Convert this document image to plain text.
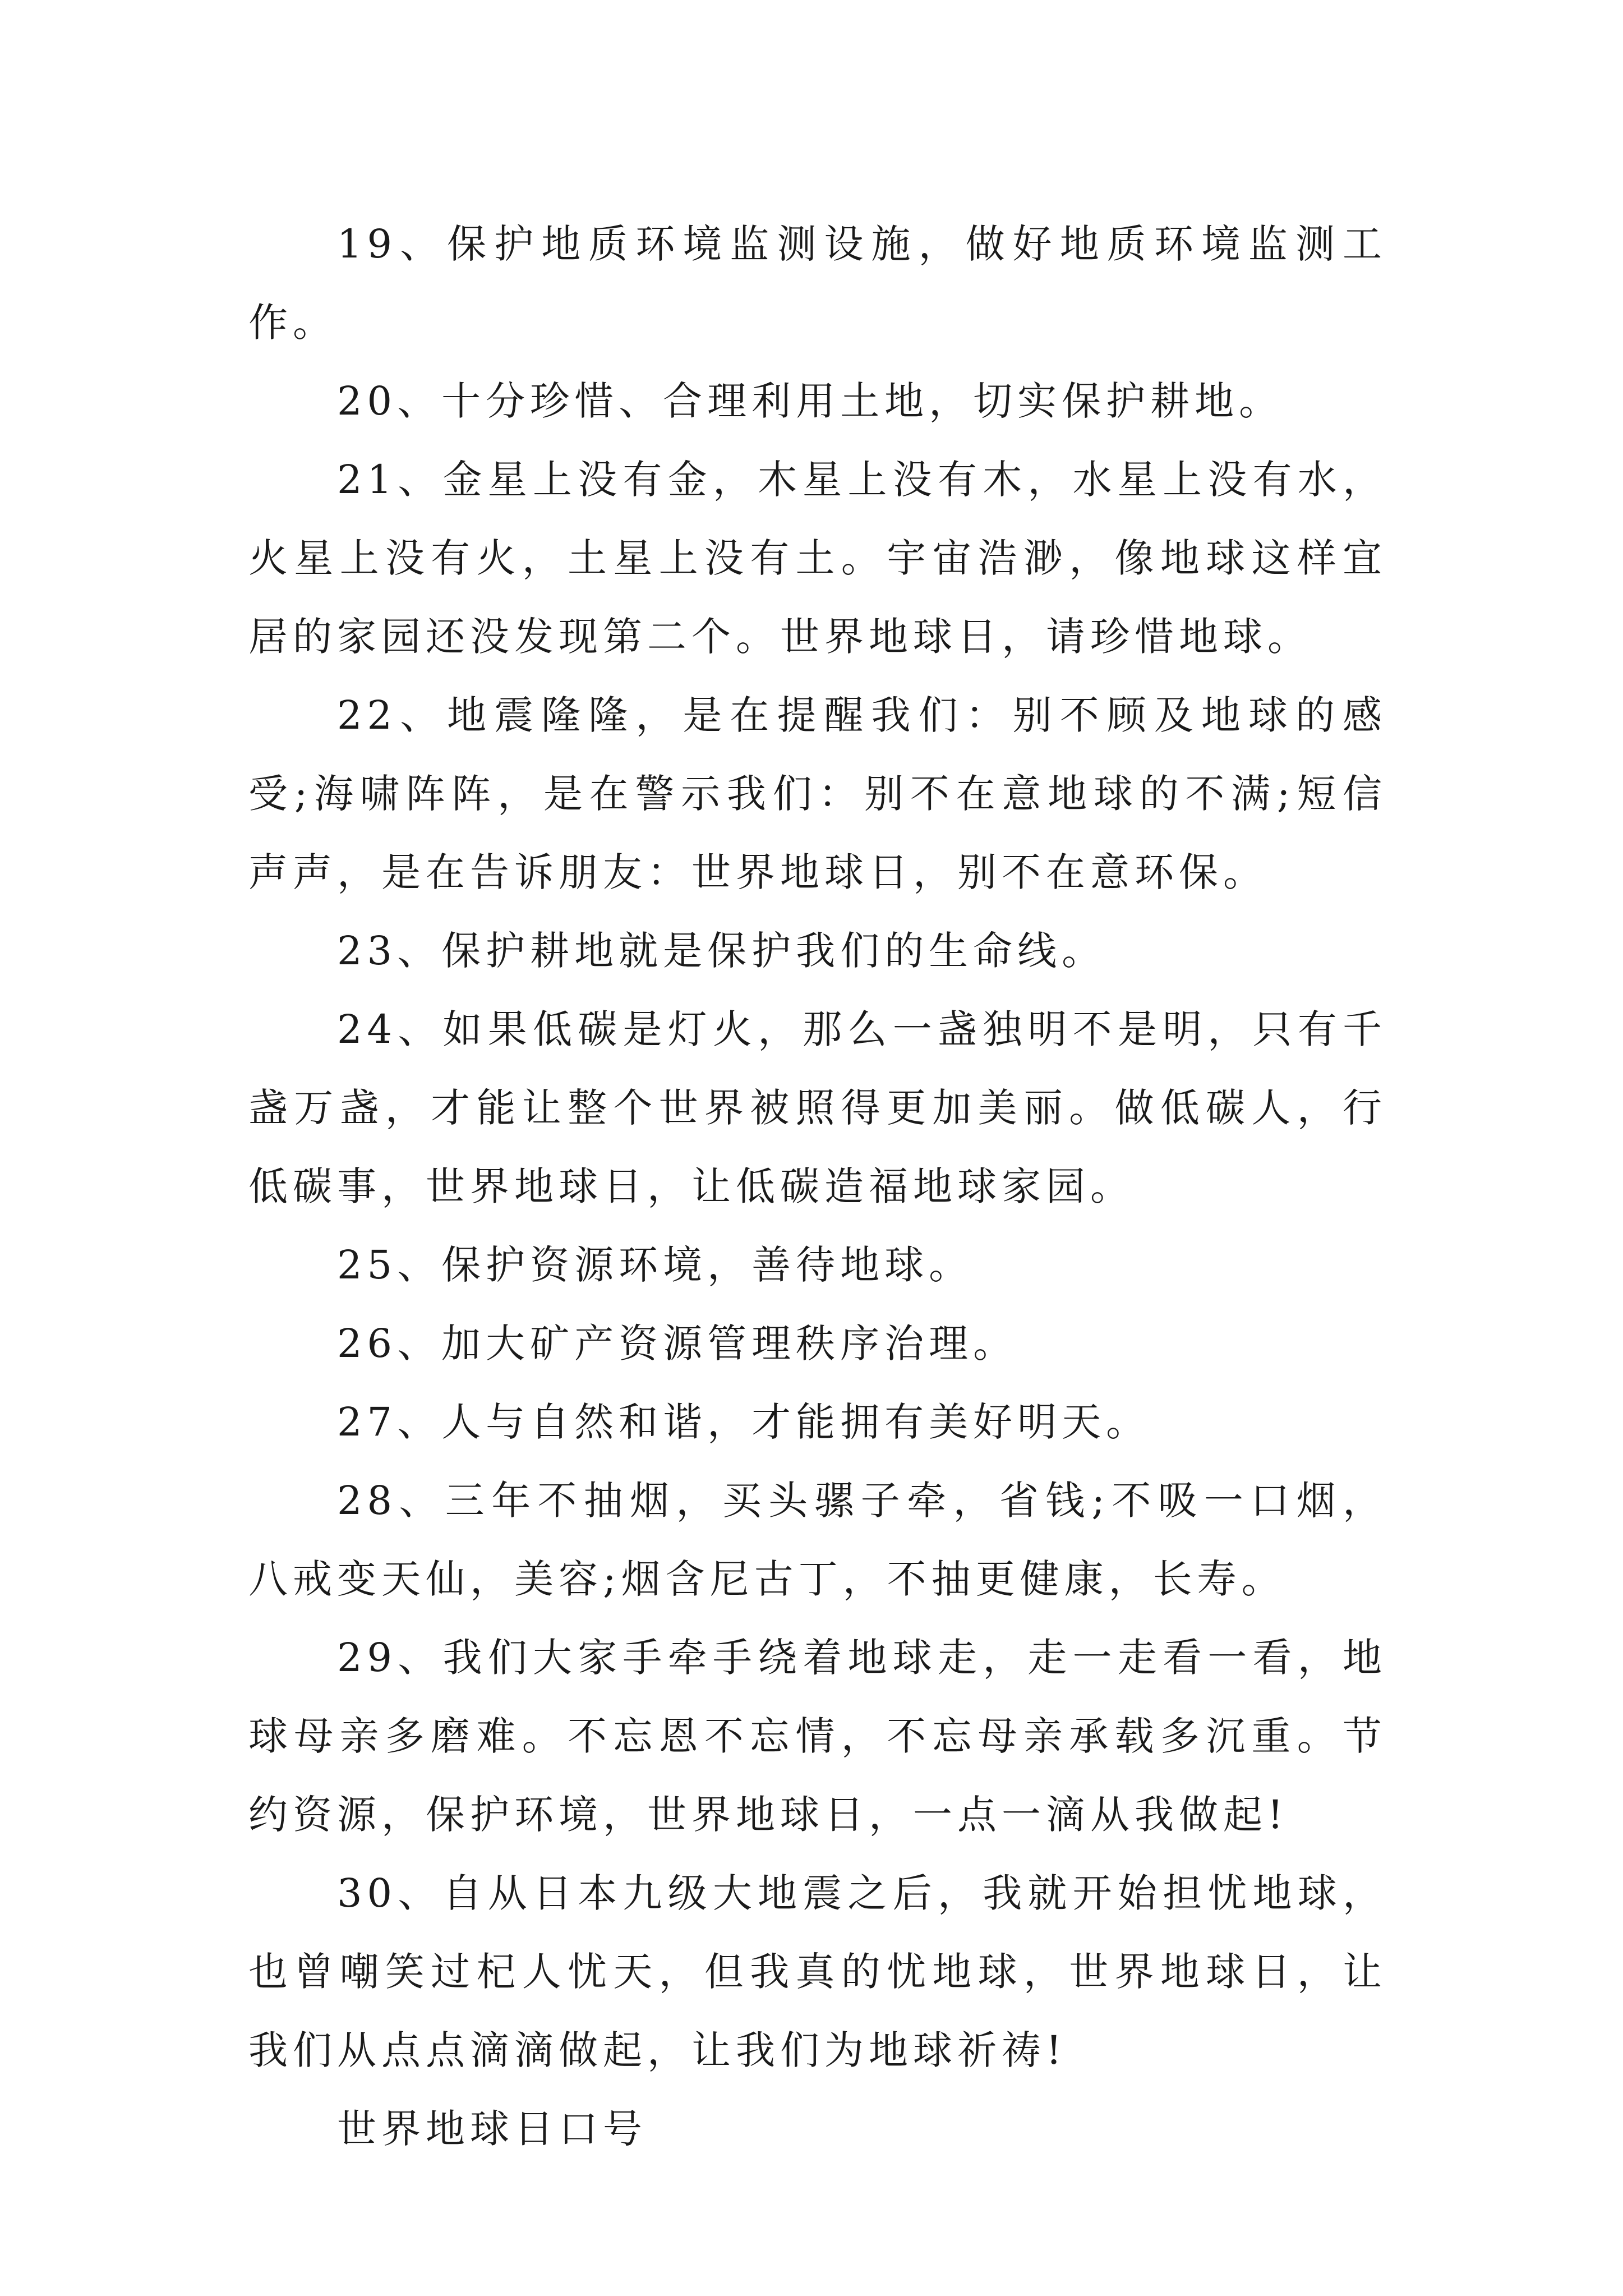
19、保护地质环境监测设施，做好地质环境监测工作。

20、十分珍惜、合理利用土地，切实保护耕地。

21、金星上没有金，木星上没有木，水星上没有水，火星上没有火，土星上没有土。宇宙浩渺，像地球这样宜居的家园还没发现第二个。世界地球日，请珍惜地球。

22、地震隆隆，是在提醒我们：别不顾及地球的感受;海啸阵阵，是在警示我们：别不在意地球的不满;短信声声，是在告诉朋友：世界地球日，别不在意环保。

23、保护耕地就是保护我们的生命线。

24、如果低碳是灯火，那么一盏独明不是明，只有千盏万盏，才能让整个世界被照得更加美丽。做低碳人，行低碳事，世界地球日，让低碳造福地球家园。

25、保护资源环境，善待地球。

26、加大矿产资源管理秩序治理。

27、人与自然和谐，才能拥有美好明天。

28、三年不抽烟，买头骡子牵，省钱;不吸一口烟，八戒变天仙，美容;烟含尼古丁，不抽更健康，长寿。

29、我们大家手牵手绕着地球走，走一走看一看，地球母亲多磨难。不忘恩不忘情，不忘母亲承载多沉重。节约资源，保护环境，世界地球日，一点一滴从我做起!

30、自从日本九级大地震之后，我就开始担忧地球，也曾嘲笑过杞人忧天，但我真的忧地球，世界地球日，让我们从点点滴滴做起，让我们为地球祈祷!

世界地球日口号
